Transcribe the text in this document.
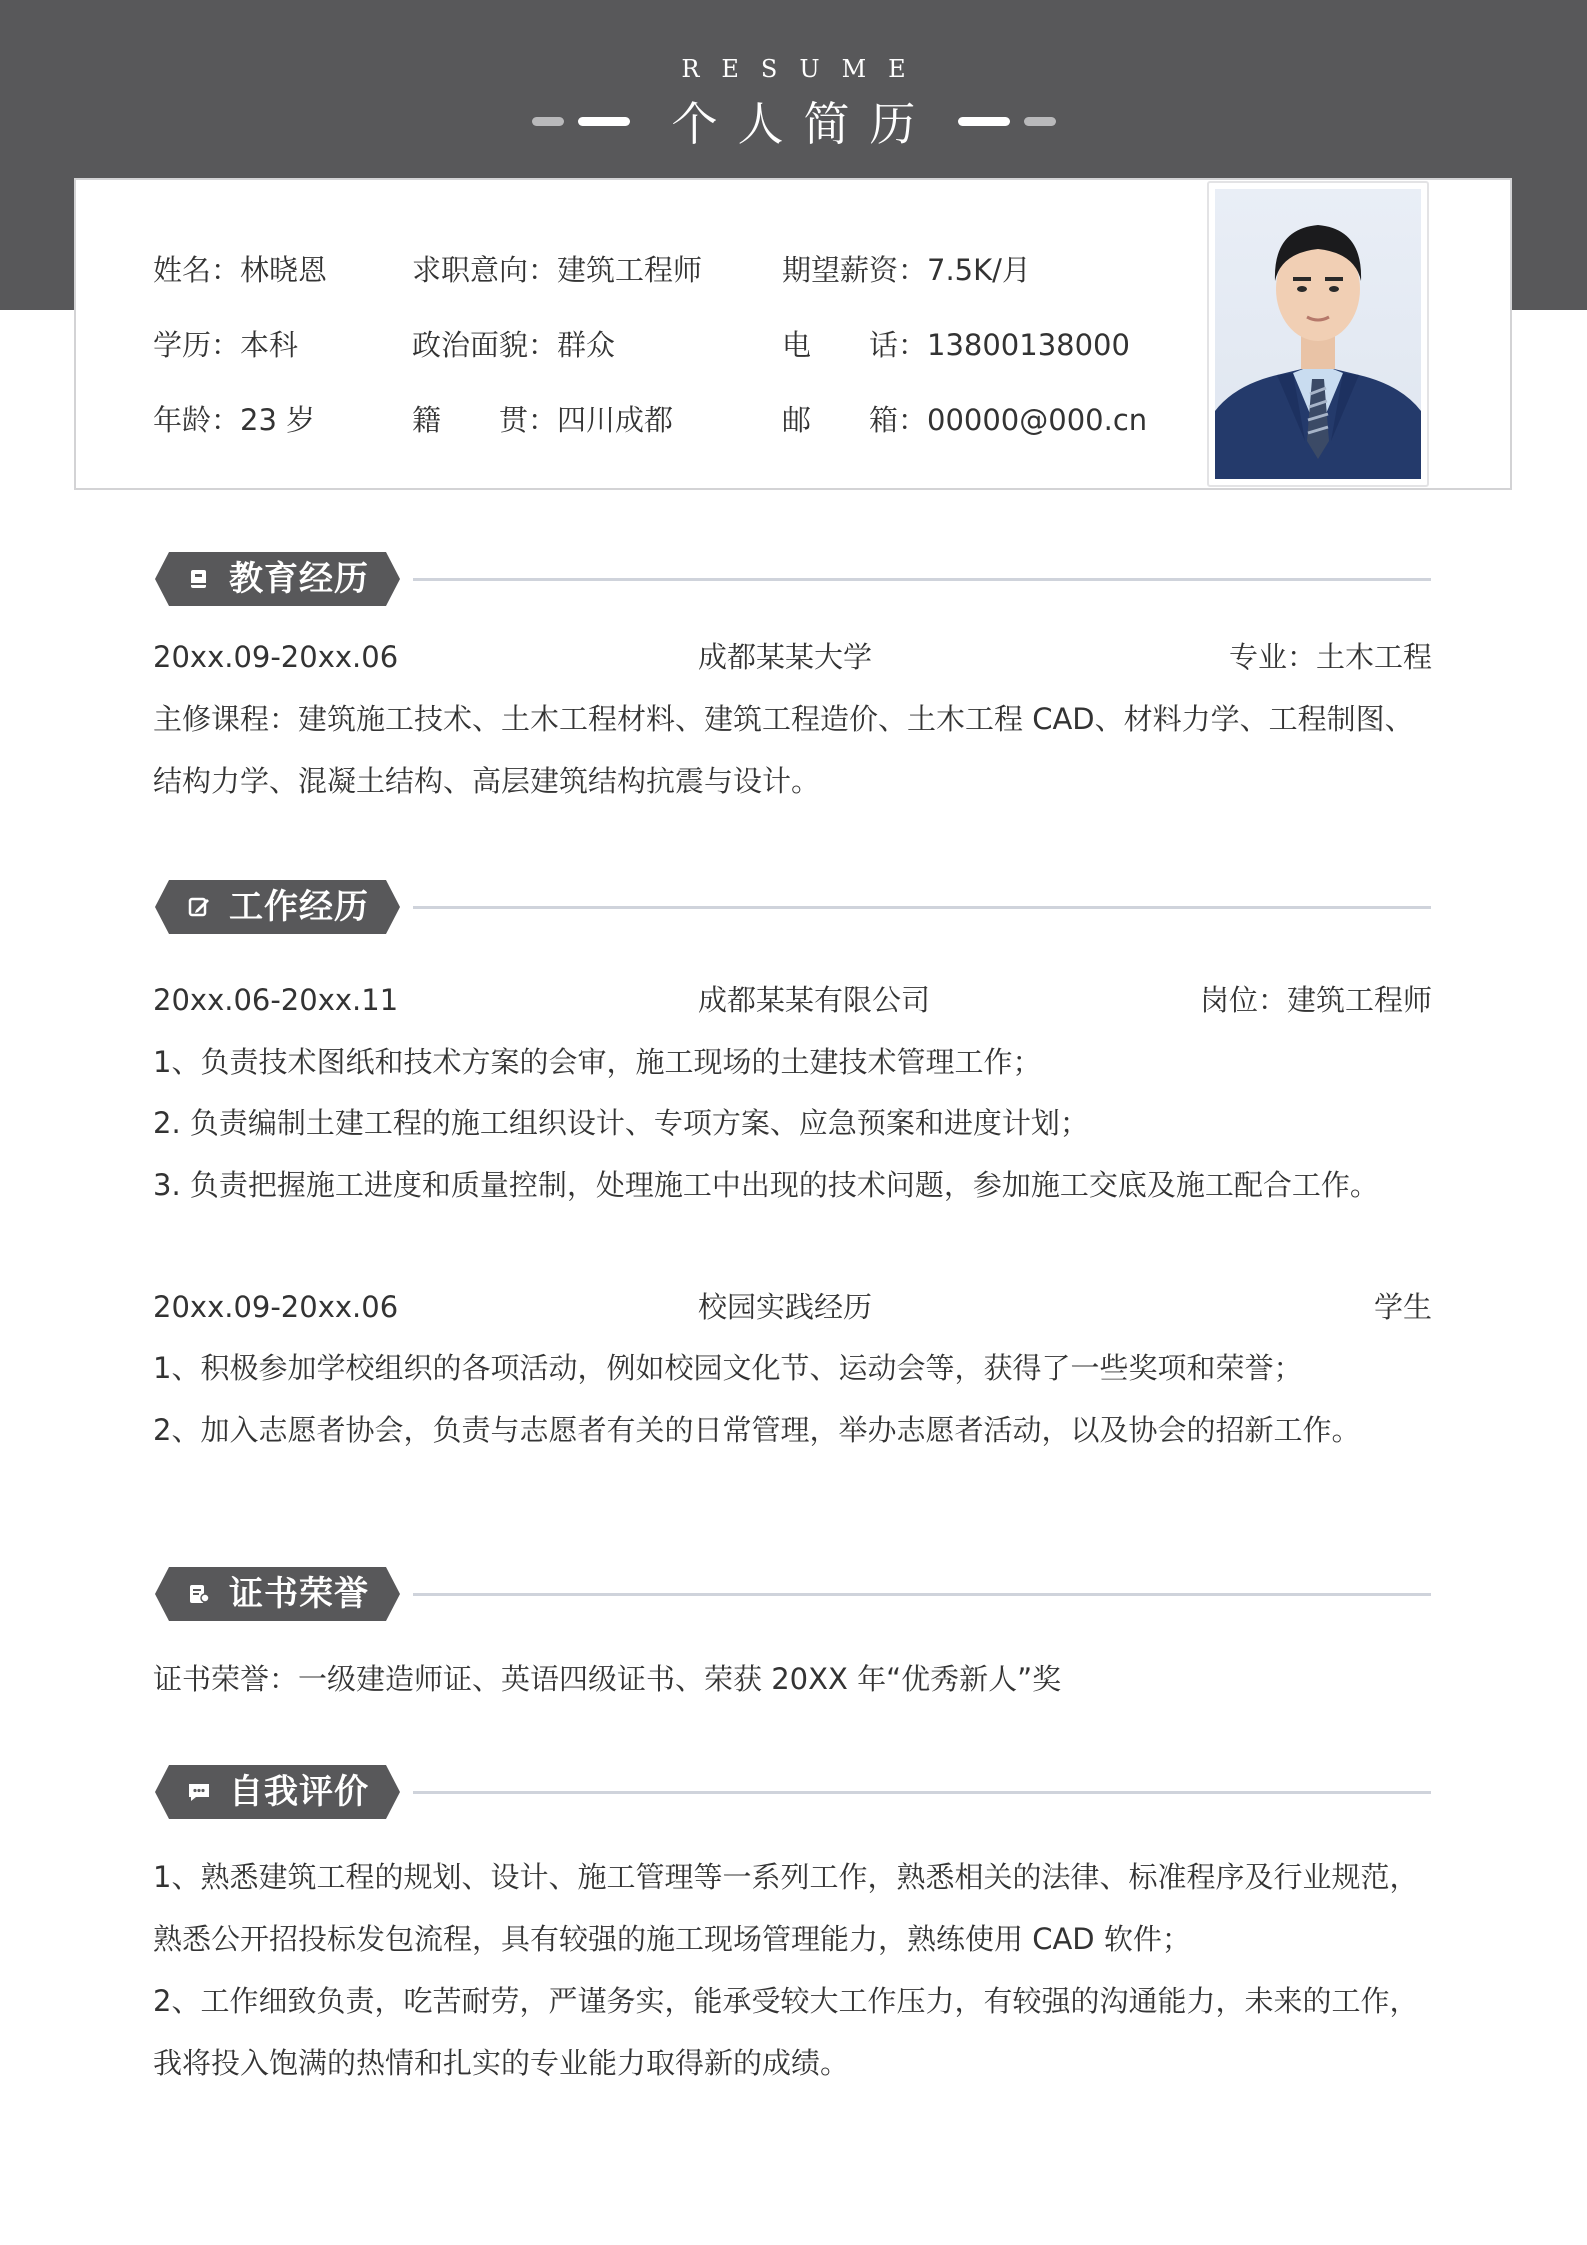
RESUME
个人简历
姓名：林晓恩	求职意向：建筑工程师	期望薪资：7.5K/月
学历：本科	政治面貌：群众	电　　话：13800138000
年龄：23 岁	籍　　贯：四川成都	邮　　箱：00000@000.cn
教育经历
20xx.09-20xx.06	成都某某大学	专业：土木工程
主修课程：建筑施工技术、土木工程材料、建筑工程造价、土木工程 CAD、材料力学、工程制图、
结构力学、混凝土结构、高层建筑结构抗震与设计。
工作经历
20xx.06-20xx.11	成都某某有限公司	岗位：建筑工程师
1、负责技术图纸和技术方案的会审，施工现场的土建技术管理工作；
2. 负责编制土建工程的施工组织设计、专项方案、应急预案和进度计划；
3. 负责把握施工进度和质量控制，处理施工中出现的技术问题，参加施工交底及施工配合工作。
20xx.09-20xx.06	校园实践经历	学生
1、积极参加学校组织的各项活动，例如校园文化节、运动会等，获得了一些奖项和荣誉；
2、加入志愿者协会，负责与志愿者有关的日常管理，举办志愿者活动，以及协会的招新工作。
证书荣誉
证书荣誉：一级建造师证、英语四级证书、荣获 20XX 年“优秀新人”奖
自我评价
1、熟悉建筑工程的规划、设计、施工管理等一系列工作，熟悉相关的法律、标准程序及行业规范，
熟悉公开招投标发包流程，具有较强的施工现场管理能力，熟练使用 CAD 软件；
2、工作细致负责，吃苦耐劳，严谨务实，能承受较大工作压力，有较强的沟通能力，未来的工作，
我将投入饱满的热情和扎实的专业能力取得新的成绩。
